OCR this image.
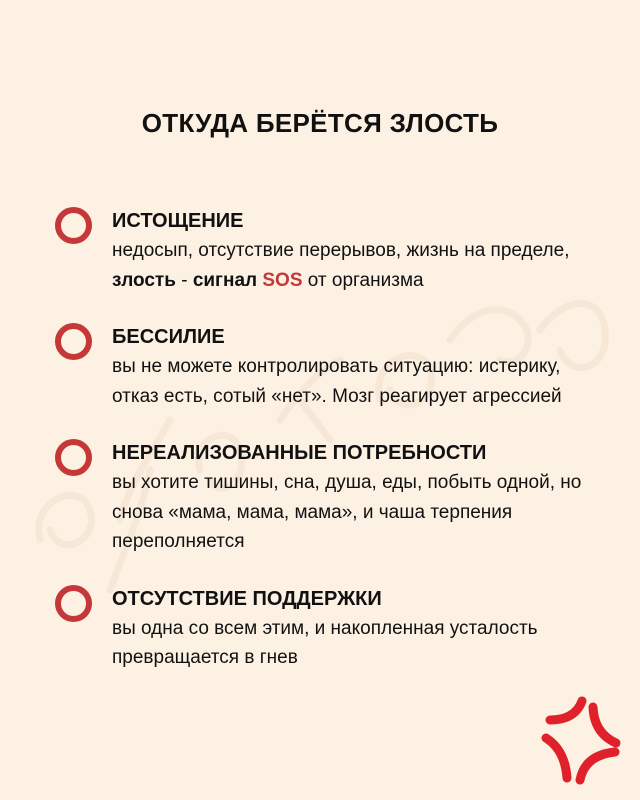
ОТКУДА БЕРЁТСЯ ЗЛОСТЬ
ИСТОЩЕНИЕ
недосып, отсутствие перерывов, жизнь на пределе, злость - сигнал SOS от организма
БЕССИЛИЕ
вы не можете контролировать ситуацию: истерику, отказ есть, сотый «нет». Мозг реагирует агрессией
НЕРЕАЛИЗОВАННЫЕ ПОТРЕБНОСТИ
вы хотите тишины, сна, душа, еды, побыть одной, но снова «мама, мама, мама», и чаша терпения переполняется
ОТСУТСТВИЕ ПОДДЕРЖКИ
вы одна со всем этим, и накопленная усталость превращается в гнев
